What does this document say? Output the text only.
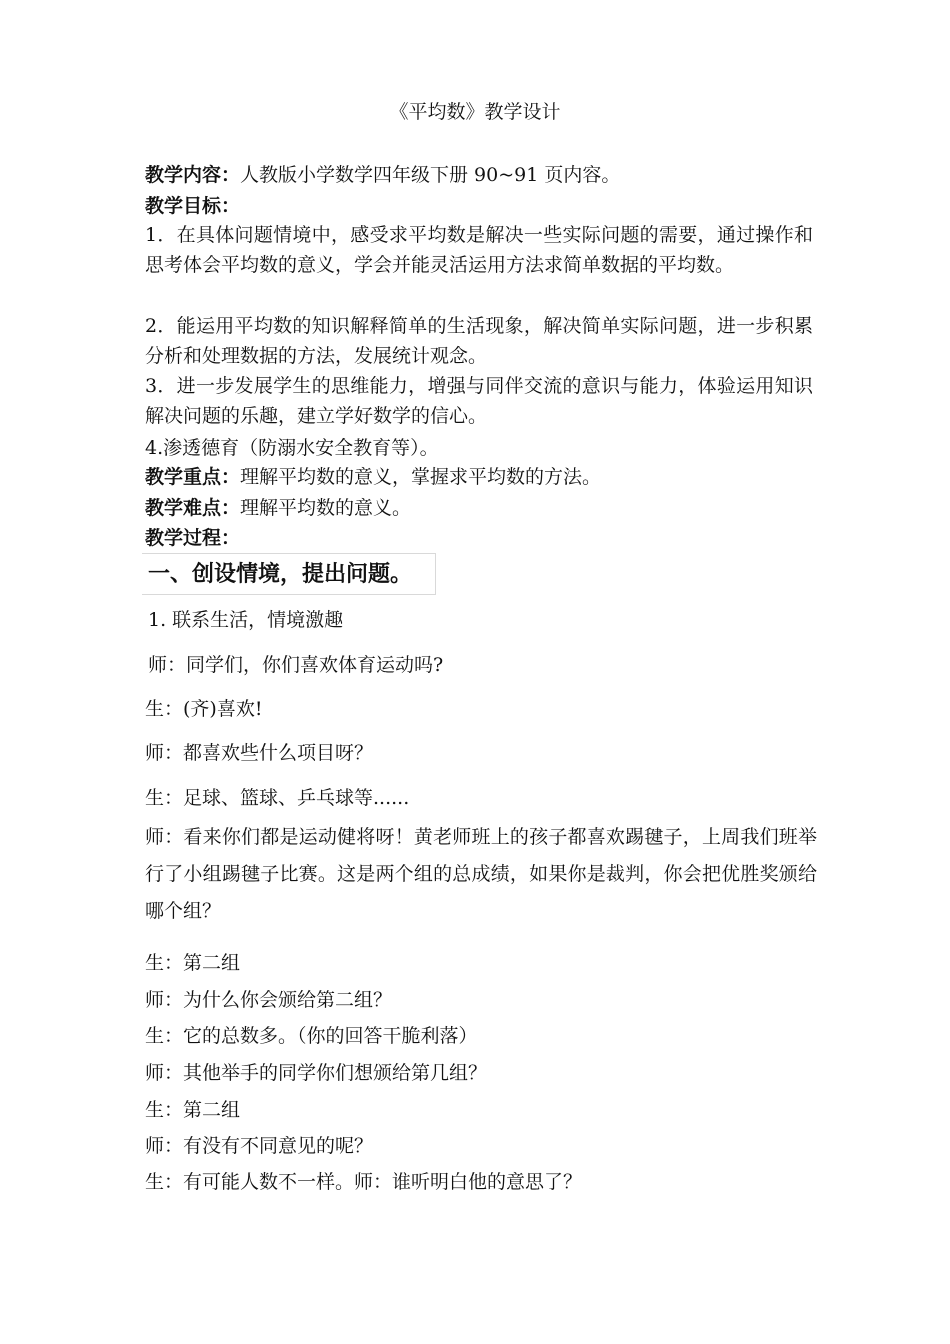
《平均数》教学设计
教学内容：人教版小学数学四年级下册 90~91 页内容。
教学目标：
1．在具体问题情境中，感受求平均数是解决一些实际问题的需要，通过操作和思考体会平均数的意义，学会并能灵活运用方法求简单数据的平均数。
2．能运用平均数的知识解释简单的生活现象，解决简单实际问题，进一步积累分析和处理数据的方法，发展统计观念。
3．进一步发展学生的思维能力，增强与同伴交流的意识与能力，体验运用知识解决问题的乐趣，建立学好数学的信心。
4.渗透德育（防溺水安全教育等）。
教学重点：理解平均数的意义，掌握求平均数的方法。
教学难点：理解平均数的意义。
教学过程：
一、创设情境，提出问题。
1. 联系生活，情境激趣
师：同学们，你们喜欢体育运动吗?
生：(齐)喜欢!
师：都喜欢些什么项目呀？
生：足球、篮球、乒乓球等......
师：看来你们都是运动健将呀！黄老师班上的孩子都喜欢踢毽子，上周我们班举行了小组踢毽子比赛。这是两个组的总成绩，如果你是裁判，你会把优胜奖颁给哪个组？
生：第二组
师：为什么你会颁给第二组？
生：它的总数多。（你的回答干脆利落）
师：其他举手的同学你们想颁给第几组？
生：第二组
师：有没有不同意见的呢？
生：有可能人数不一样。师：谁听明白他的意思了？
